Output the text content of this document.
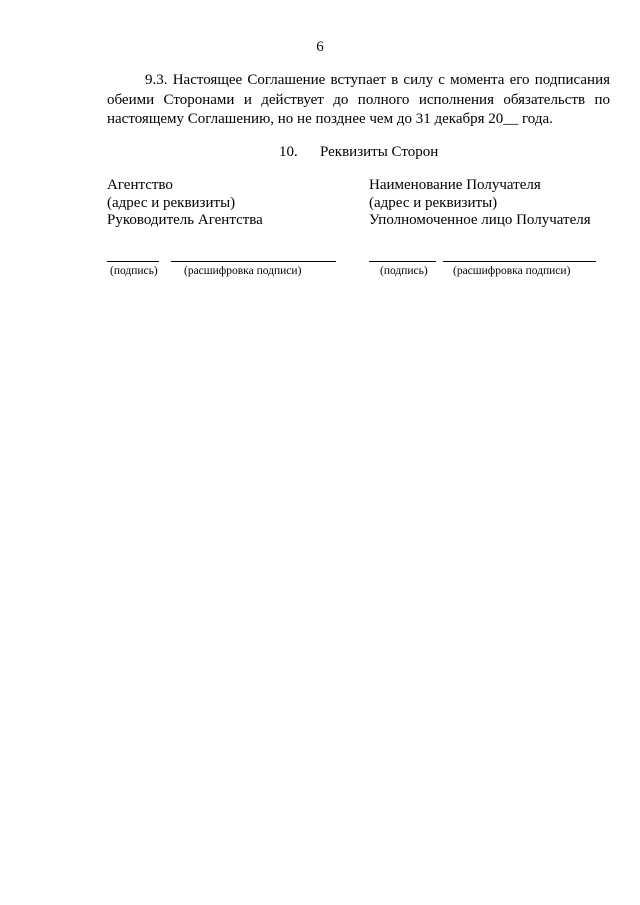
6

9.3. Настоящее Соглашение вступает в силу с момента его подписания обеими Сторонами и действует до полного исполнения обязательств по настоящему Соглашению, но не позднее чем до 31 декабря 20__ года.

10. Реквизиты Сторон
Агентство
(адрес и реквизиты)
Руководитель Агентства
Наименование Получателя
(адрес и реквизиты)
Уполномоченное лицо Получателя
(подпись) (расшифровка подписи)	(подпись) (расшифровка подписи)
